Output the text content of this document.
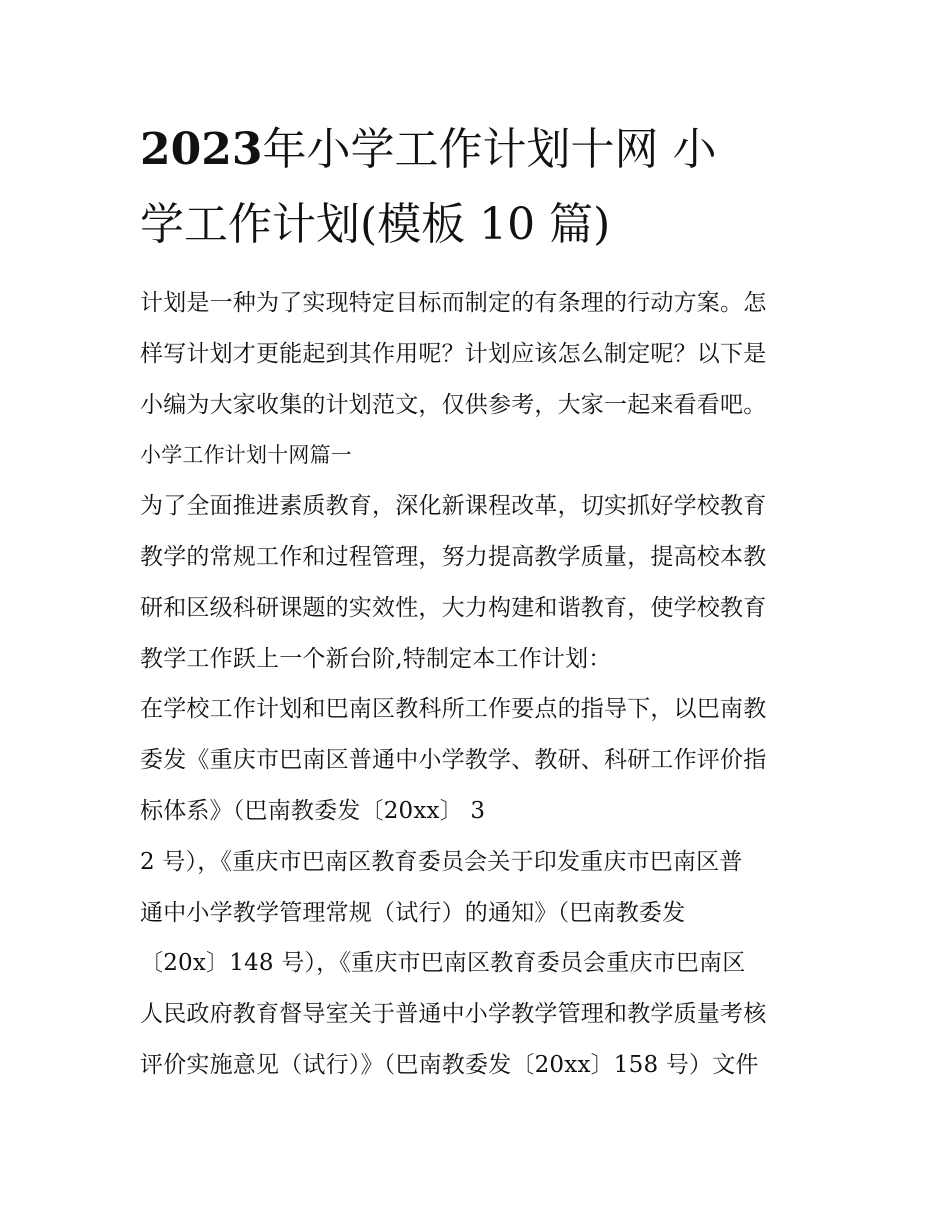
2023年小学工作计划十网 小
学工作计划(模板 10 篇)
计划是一种为了实现特定目标而制定的有条理的行动方案。怎
样写计划才更能起到其作用呢？计划应该怎么制定呢？以下是
小编为大家收集的计划范文，仅供参考，大家一起来看看吧。
小学工作计划十网篇一
为了全面推进素质教育，深化新课程改革，切实抓好学校教育
教学的常规工作和过程管理，努力提高教学质量，提高校本教
研和区级科研课题的实效性，大力构建和谐教育，使学校教育
教学工作跃上一个新台阶,特制定本工作计划：
在学校工作计划和巴南区教科所工作要点的指导下，以巴南教
委发《重庆市巴南区普通中小学教学、教研、科研工作评价指
标体系》（巴南教委发〔20xx〕 3
2 号），《重庆市巴南区教育委员会关于印发重庆市巴南区普
通中小学教学管理常规（试行）的通知》（巴南教委发
〔20x〕148 号），《重庆市巴南区教育委员会重庆市巴南区
人民政府教育督导室关于普通中小学教学管理和教学质量考核
评价实施意见（试行）》（巴南教委发〔20xx〕158 号）文件
